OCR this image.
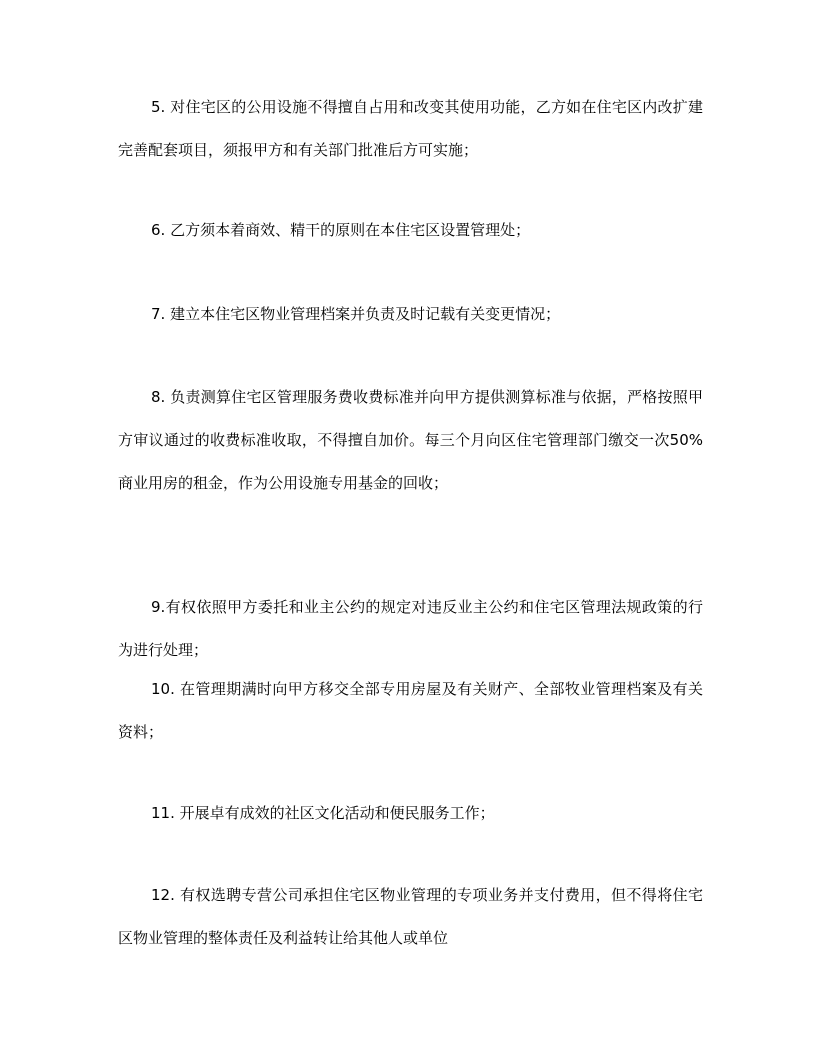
5. 对住宅区的公用设施不得擅自占用和改变其使用功能，乙方如在住宅区内改扩建完善配套项目，须报甲方和有关部门批准后方可实施；

6. 乙方须本着商效、精干的原则在本住宅区设置管理处；

7. 建立本住宅区物业管理档案并负责及时记载有关变更情况；

8. 负责测算住宅区管理服务费收费标准并向甲方提供测算标准与依据，严格按照甲方审议通过的收费标准收取，不得擅自加价。每三个月向区住宅管理部门缴交一次50%商业用房的租金，作为公用设施专用基金的回收；

9.有权依照甲方委托和业主公约的规定对违反业主公约和住宅区管理法规政策的行为进行处理；

10. 在管理期满时向甲方移交全部专用房屋及有关财产、全部牧业管理档案及有关资料；

11. 开展卓有成效的社区文化活动和便民服务工作；

12. 有权选聘专营公司承担住宅区物业管理的专项业务并支付费用，但不得将住宅区物业管理的整体责任及利益转让给其他人或单位
